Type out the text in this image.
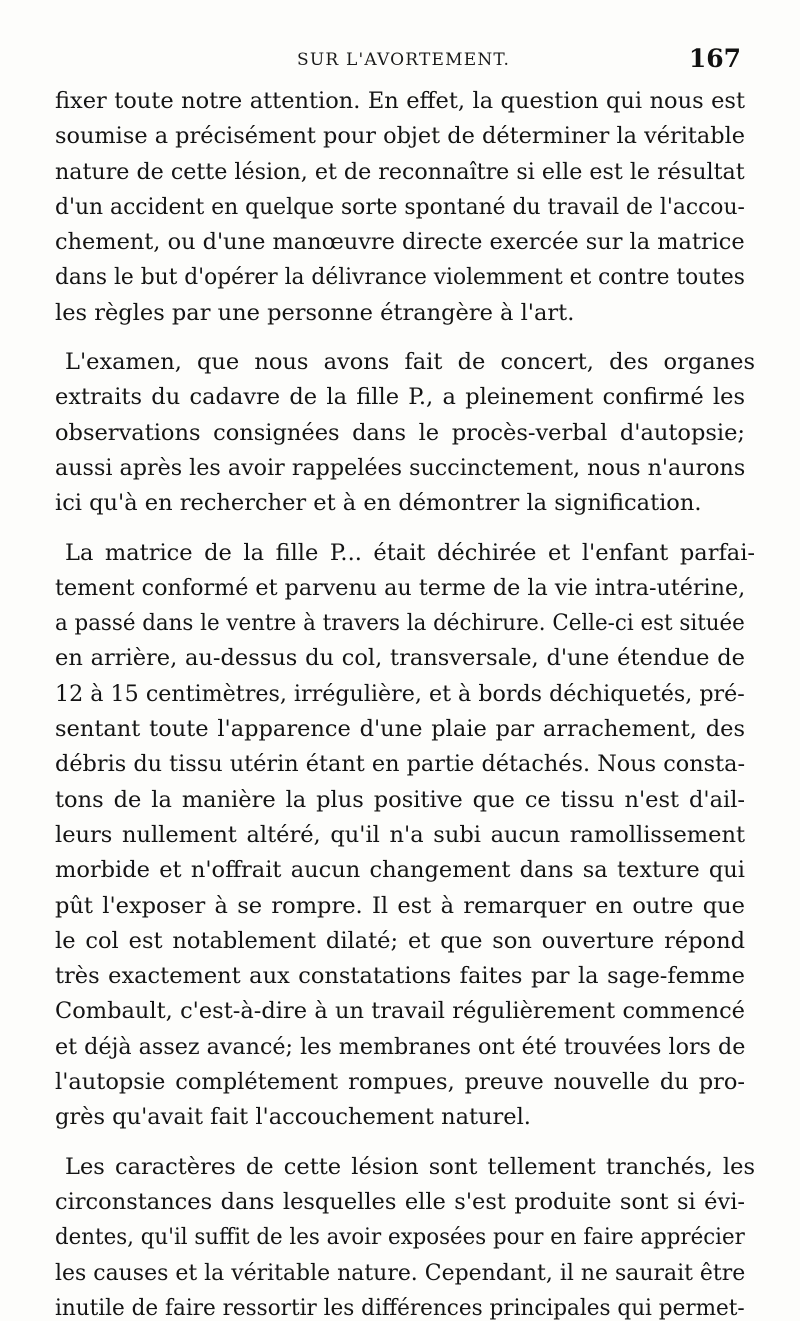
SUR L'AVORTEMENT.	167

fixer toute notre attention. En effet, la question qui nous est
soumise a précisément pour objet de déterminer la véritable
nature de cette lésion, et de reconnaître si elle est le résultat
d'un accident en quelque sorte spontané du travail de l'accou-
chement, ou d'une manœuvre directe exercée sur la matrice
dans le but d'opérer la délivrance violemment et contre toutes
les règles par une personne étrangère à l'art.

L'examen, que nous avons fait de concert, des organes
extraits du cadavre de la fille P., a pleinement confirmé les
observations consignées dans le procès-verbal d'autopsie;
aussi après les avoir rappelées succinctement, nous n'aurons
ici qu'à en rechercher et à en démontrer la signification.

La matrice de la fille P... était déchirée et l'enfant parfai-
tement conformé et parvenu au terme de la vie intra-utérine,
a passé dans le ventre à travers la déchirure. Celle-ci est située
en arrière, au-dessus du col, transversale, d'une étendue de
12 à 15 centimètres, irrégulière, et à bords déchiquetés, pré-
sentant toute l'apparence d'une plaie par arrachement, des
débris du tissu utérin étant en partie détachés. Nous consta-
tons de la manière la plus positive que ce tissu n'est d'ail-
leurs nullement altéré, qu'il n'a subi aucun ramollissement
morbide et n'offrait aucun changement dans sa texture qui
pût l'exposer à se rompre. Il est à remarquer en outre que
le col est notablement dilaté; et que son ouverture répond
très exactement aux constatations faites par la sage-femme
Combault, c'est-à-dire à un travail régulièrement commencé
et déjà assez avancé; les membranes ont été trouvées lors de
l'autopsie complétement rompues, preuve nouvelle du pro-
grès qu'avait fait l'accouchement naturel.

Les caractères de cette lésion sont tellement tranchés, les
circonstances dans lesquelles elle s'est produite sont si évi-
dentes, qu'il suffit de les avoir exposées pour en faire apprécier
les causes et la véritable nature. Cependant, il ne saurait être
inutile de faire ressortir les différences principales qui permet-
